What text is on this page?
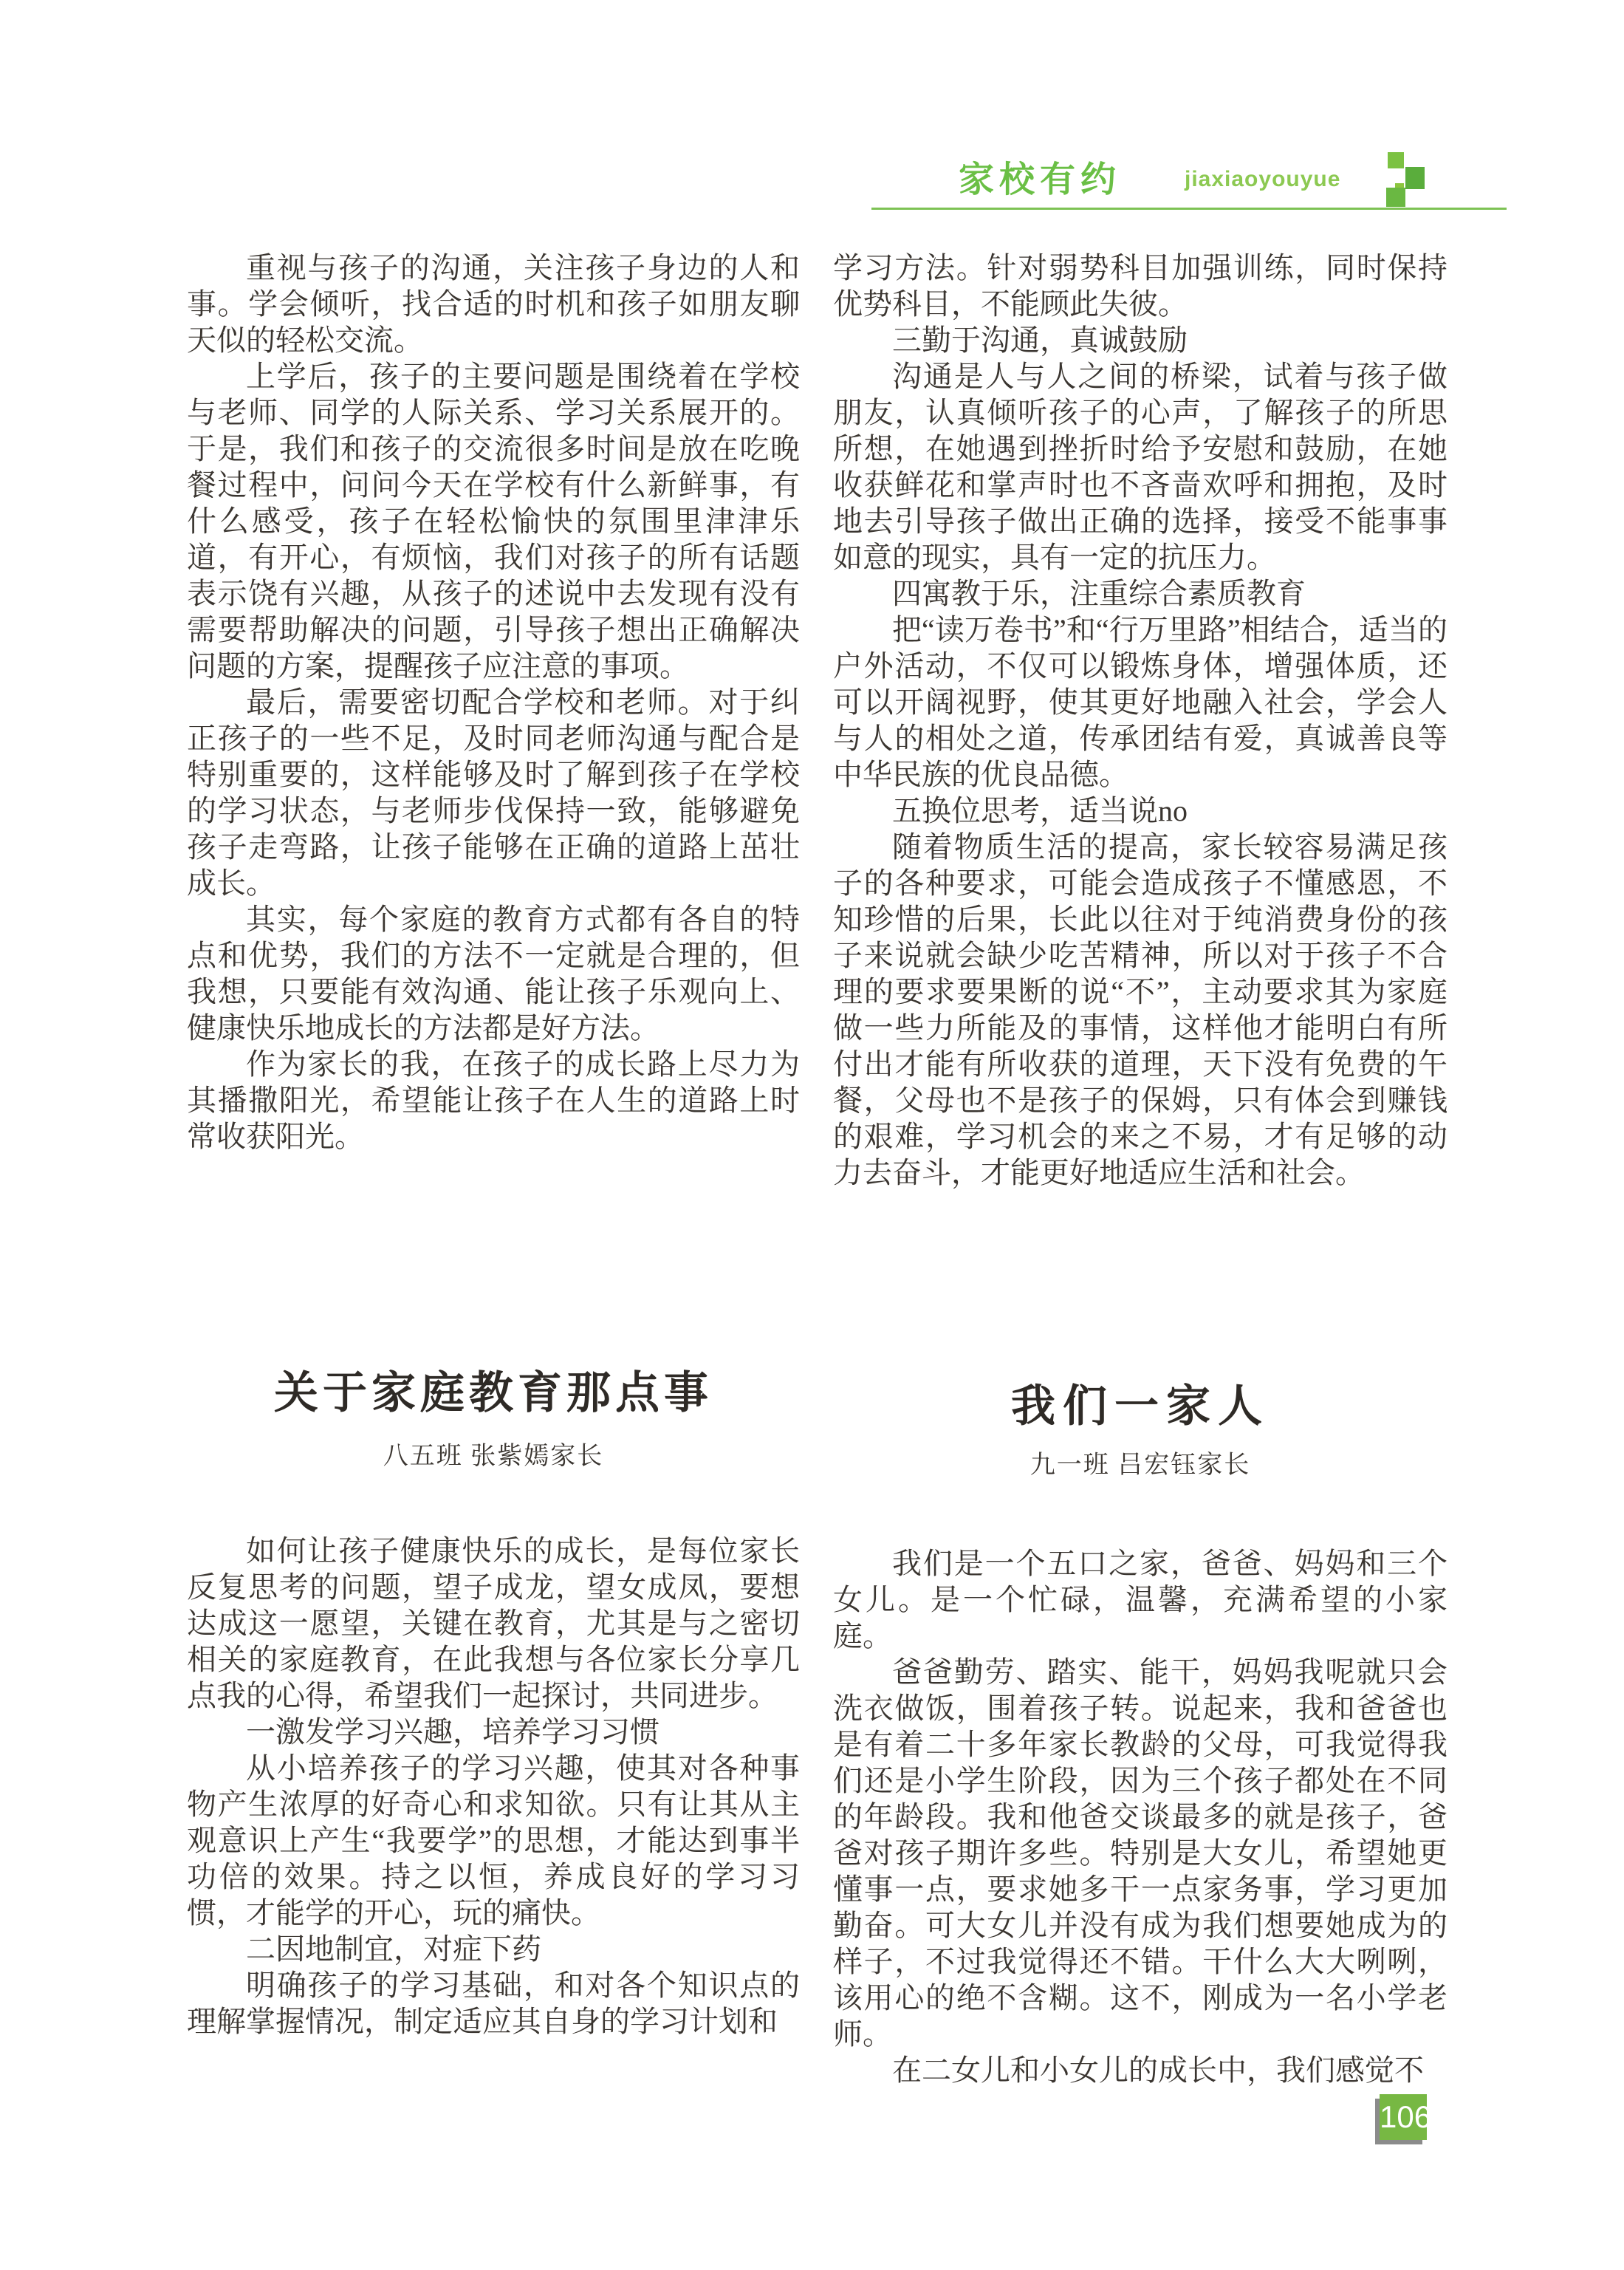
家校有约	jiaxiaoyouyue

重视与孩子的沟通，关注孩子身边的人和事。学会倾听，找合适的时机和孩子如朋友聊天似的轻松交流。

上学后，孩子的主要问题是围绕着在学校与老师、同学的人际关系、学习关系展开的。于是，我们和孩子的交流很多时间是放在吃晚餐过程中，问问今天在学校有什么新鲜事，有什么感受，孩子在轻松愉快的氛围里津津乐道，有开心，有烦恼，我们对孩子的所有话题表示饶有兴趣，从孩子的述说中去发现有没有需要帮助解决的问题，引导孩子想出正确解决问题的方案，提醒孩子应注意的事项。

最后，需要密切配合学校和老师。对于纠正孩子的一些不足，及时同老师沟通与配合是特别重要的，这样能够及时了解到孩子在学校的学习状态，与老师步伐保持一致，能够避免孩子走弯路，让孩子能够在正确的道路上茁壮成长。

其实，每个家庭的教育方式都有各自的特点和优势，我们的方法不一定就是合理的，但我想，只要能有效沟通、能让孩子乐观向上、健康快乐地成长的方法都是好方法。

作为家长的我，在孩子的成长路上尽力为其播撒阳光，希望能让孩子在人生的道路上时常收获阳光。

学习方法。针对弱势科目加强训练，同时保持优势科目，不能顾此失彼。

三勤于沟通，真诚鼓励

沟通是人与人之间的桥梁，试着与孩子做朋友，认真倾听孩子的心声，了解孩子的所思所想，在她遇到挫折时给予安慰和鼓励，在她收获鲜花和掌声时也不吝啬欢呼和拥抱，及时地去引导孩子做出正确的选择，接受不能事事如意的现实，具有一定的抗压力。

四寓教于乐，注重综合素质教育

把“读万卷书”和“行万里路”相结合，适当的户外活动，不仅可以锻炼身体，增强体质，还可以开阔视野，使其更好地融入社会，学会人与人的相处之道，传承团结有爱，真诚善良等中华民族的优良品德。

五换位思考，适当说no

随着物质生活的提高，家长较容易满足孩子的各种要求，可能会造成孩子不懂感恩，不知珍惜的后果，长此以往对于纯消费身份的孩子来说就会缺少吃苦精神，所以对于孩子不合理的要求要果断的说“不”，主动要求其为家庭做一些力所能及的事情，这样他才能明白有所付出才能有所收获的道理，天下没有免费的午餐，父母也不是孩子的保姆，只有体会到赚钱的艰难，学习机会的来之不易，才有足够的动力去奋斗，才能更好地适应生活和社会。

关于家庭教育那点事
八五班 张紫嫣家长

如何让孩子健康快乐的成长，是每位家长反复思考的问题，望子成龙，望女成凤，要想达成这一愿望，关键在教育，尤其是与之密切相关的家庭教育，在此我想与各位家长分享几点我的心得，希望我们一起探讨，共同进步。

一激发学习兴趣，培养学习习惯

从小培养孩子的学习兴趣，使其对各种事物产生浓厚的好奇心和求知欲。只有让其从主观意识上产生“我要学”的思想，才能达到事半功倍的效果。持之以恒，养成良好的学习习惯，才能学的开心，玩的痛快。

二因地制宜，对症下药

明确孩子的学习基础，和对各个知识点的理解掌握情况，制定适应其自身的学习计划和

我们一家人
九一班 吕宏钰家长

我们是一个五口之家，爸爸、妈妈和三个女儿。是一个忙碌，温馨，充满希望的小家庭。

爸爸勤劳、踏实、能干，妈妈我呢就只会洗衣做饭，围着孩子转。说起来，我和爸爸也是有着二十多年家长教龄的父母，可我觉得我们还是小学生阶段，因为三个孩子都处在不同的年龄段。我和他爸交谈最多的就是孩子，爸爸对孩子期许多些。特别是大女儿，希望她更懂事一点，要求她多干一点家务事，学习更加勤奋。可大女儿并没有成为我们想要她成为的样子，不过我觉得还不错。干什么大大咧咧，该用心的绝不含糊。这不，刚成为一名小学老师。

在二女儿和小女儿的成长中，我们感觉不

106
